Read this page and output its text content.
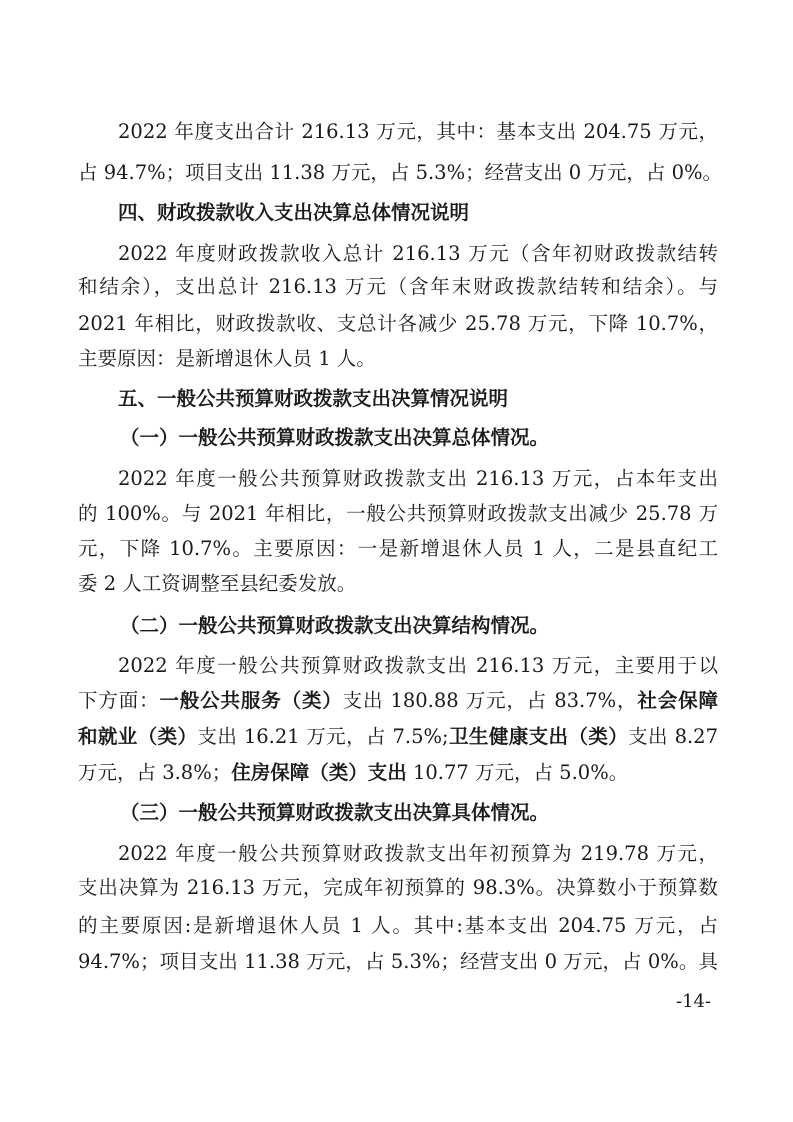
2022 年度支出合计 216.13 万元，其中：基本支出 204.75 万元，
占 94.7%；项目支出 11.38 万元，占 5.3%；经营支出 0 万元，占 0%。
四、财政拨款收入支出决算总体情况说明
2022 年度财政拨款收入总计 216.13 万元（含年初财政拨款结转
和结余），支出总计 216.13 万元（含年末财政拨款结转和结余）。与
2021 年相比，财政拨款收、支总计各减少 25.78 万元，下降 10.7%，
主要原因：是新增退休人员 1 人。
五、一般公共预算财政拨款支出决算情况说明
（一）一般公共预算财政拨款支出决算总体情况。
2022 年度一般公共预算财政拨款支出 216.13 万元，占本年支出
的 100%。与 2021 年相比，一般公共预算财政拨款支出减少 25.78 万
元，下降 10.7%。主要原因：一是新增退休人员 1 人，二是县直纪工
委 2 人工资调整至县纪委发放。
（二）一般公共预算财政拨款支出决算结构情况。
2022 年度一般公共预算财政拨款支出 216.13 万元，主要用于以
下方面：一般公共服务（类）支出 180.88 万元，占 83.7%，社会保障
和就业（类）支出 16.21 万元，占 7.5%;卫生健康支出（类）支出 8.27
万元，占 3.8%；住房保障（类）支出 10.77 万元，占 5.0%。
（三）一般公共预算财政拨款支出决算具体情况。
2022 年度一般公共预算财政拨款支出年初预算为 219.78 万元，
支出决算为 216.13 万元，完成年初预算的 98.3%。决算数小于预算数
的主要原因:是新增退休人员 1 人。其中:基本支出 204.75 万元，占
94.7%；项目支出 11.38 万元，占 5.3%；经营支出 0 万元，占 0%。具
-14-
